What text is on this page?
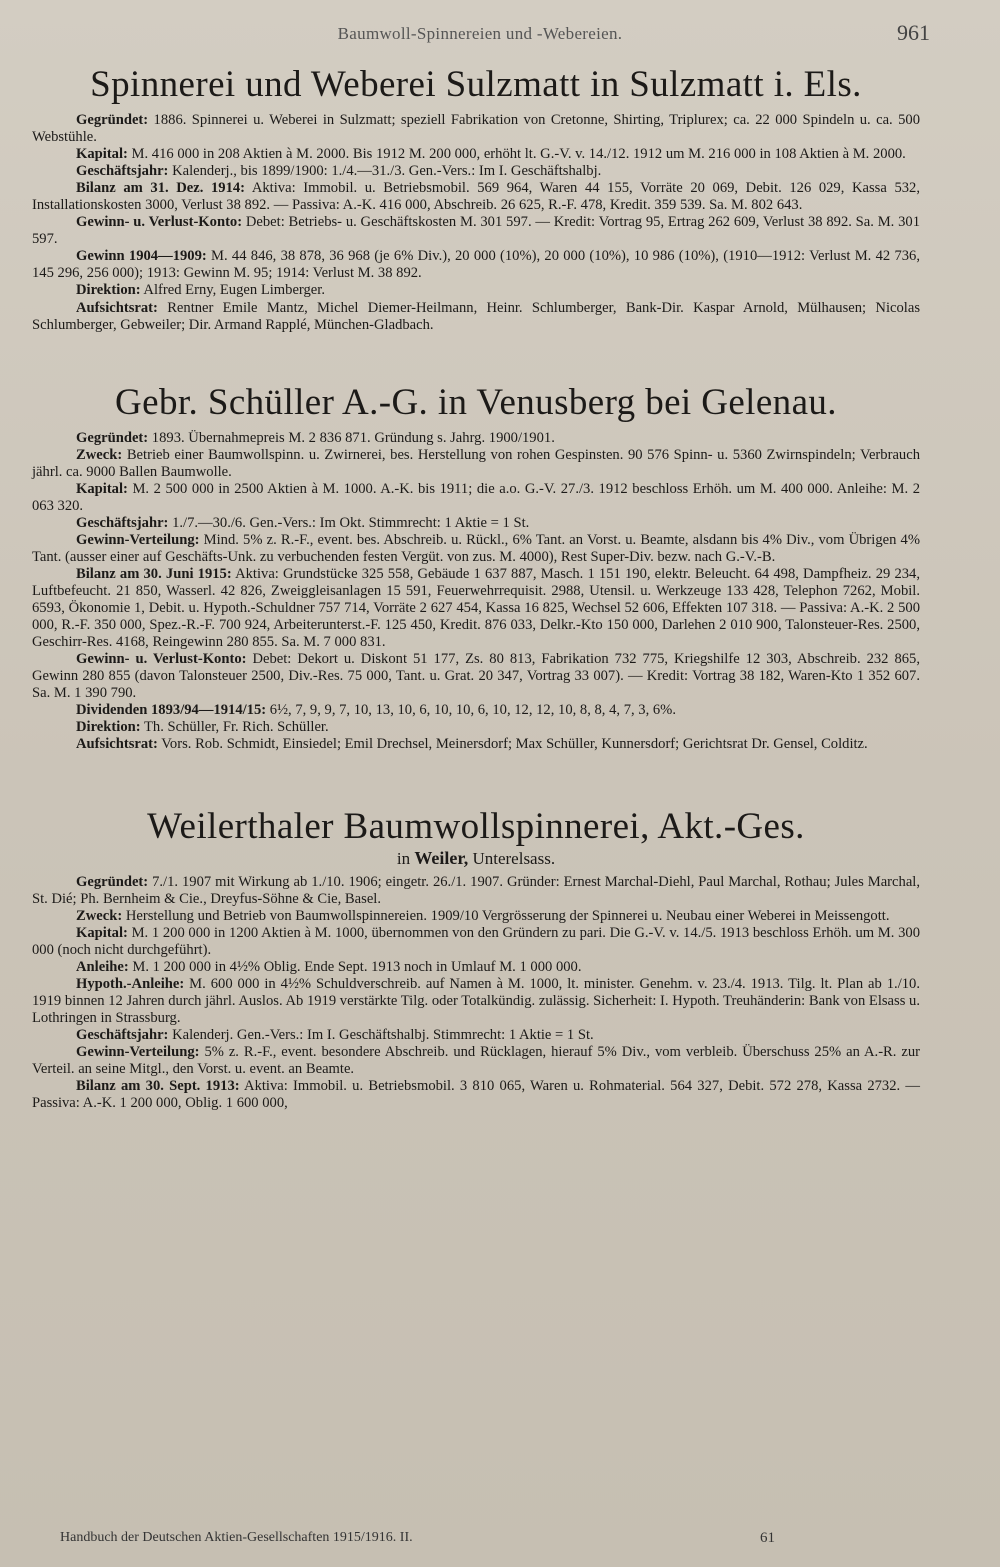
Baumwoll-Spinnereien und -Webereien.	961
Spinnerei und Weberei Sulzmatt in Sulzmatt i. Els.

Gegründet: 1886. Spinnerei u. Weberei in Sulzmatt; speziell Fabrikation von Cretonne, Shirting, Triplurex; ca. 22 000 Spindeln u. ca. 500 Webstühle.

Kapital: M. 416 000 in 208 Aktien à M. 2000. Bis 1912 M. 200 000, erhöht lt. G.-V. v. 14./12. 1912 um M. 216 000 in 108 Aktien à M. 2000.

Geschäftsjahr: Kalenderj., bis 1899/1900: 1./4.—31./3. Gen.-Vers.: Im I. Geschäftshalbj.

Bilanz am 31. Dez. 1914: Aktiva: Immobil. u. Betriebsmobil. 569 964, Waren 44 155, Vorräte 20 069, Debit. 126 029, Kassa 532, Installationskosten 3000, Verlust 38 892. — Passiva: A.-K. 416 000, Abschreib. 26 625, R.-F. 478, Kredit. 359 539. Sa. M. 802 643.

Gewinn- u. Verlust-Konto: Debet: Betriebs- u. Geschäftskosten M. 301 597. — Kredit: Vortrag 95, Ertrag 262 609, Verlust 38 892. Sa. M. 301 597.

Gewinn 1904—1909: M. 44 846, 38 878, 36 968 (je 6% Div.), 20 000 (10%), 20 000 (10%), 10 986 (10%), (1910—1912: Verlust M. 42 736, 145 296, 256 000); 1913: Gewinn M. 95; 1914: Verlust M. 38 892.

Direktion: Alfred Erny, Eugen Limberger.

Aufsichtsrat: Rentner Emile Mantz, Michel Diemer-Heilmann, Heinr. Schlumberger, Bank-Dir. Kaspar Arnold, Mülhausen; Nicolas Schlumberger, Gebweiler; Dir. Armand Rapplé, München-Gladbach.

Gebr. Schüller A.-G. in Venusberg bei Gelenau.

Gegründet: 1893. Übernahmepreis M. 2 836 871. Gründung s. Jahrg. 1900/1901.

Zweck: Betrieb einer Baumwollspinn. u. Zwirnerei, bes. Herstellung von rohen Gespinsten. 90 576 Spinn- u. 5360 Zwirnspindeln; Verbrauch jährl. ca. 9000 Ballen Baumwolle.

Kapital: M. 2 500 000 in 2500 Aktien à M. 1000. A.-K. bis 1911; die a.o. G.-V. 27./3. 1912 beschloss Erhöh. um M. 400 000. Anleihe: M. 2 063 320.

Geschäftsjahr: 1./7.—30./6. Gen.-Vers.: Im Okt. Stimmrecht: 1 Aktie = 1 St.

Gewinn-Verteilung: Mind. 5% z. R.-F., event. bes. Abschreib. u. Rückl., 6% Tant. an Vorst. u. Beamte, alsdann bis 4% Div., vom Übrigen 4% Tant. (ausser einer auf Geschäfts-Unk. zu verbuchenden festen Vergüt. von zus. M. 4000), Rest Super-Div. bezw. nach G.-V.-B.

Bilanz am 30. Juni 1915: Aktiva: Grundstücke 325 558, Gebäude 1 637 887, Masch. 1 151 190, elektr. Beleucht. 64 498, Dampfheiz. 29 234, Luftbefeucht. 21 850, Wasserl. 42 826, Zweiggleisanlagen 15 591, Feuerwehrrequisit. 2988, Utensil. u. Werkzeuge 133 428, Telephon 7262, Mobil. 6593, Ökonomie 1, Debit. u. Hypoth.-Schuldner 757 714, Vorräte 2 627 454, Kassa 16 825, Wechsel 52 606, Effekten 107 318. — Passiva: A.-K. 2 500 000, R.-F. 350 000, Spez.-R.-F. 700 924, Arbeiterunterst.-F. 125 450, Kredit. 876 033, Delkr.-Kto 150 000, Darlehen 2 010 900, Talonsteuer-Res. 2500, Geschirr-Res. 4168, Reingewinn 280 855. Sa. M. 7 000 831.

Gewinn- u. Verlust-Konto: Debet: Dekort u. Diskont 51 177, Zs. 80 813, Fabrikation 732 775, Kriegshilfe 12 303, Abschreib. 232 865, Gewinn 280 855 (davon Talonsteuer 2500, Div.-Res. 75 000, Tant. u. Grat. 20 347, Vortrag 33 007). — Kredit: Vortrag 38 182, Waren-Kto 1 352 607. Sa. M. 1 390 790.

Dividenden 1893/94—1914/15: 6½, 7, 9, 9, 7, 10, 13, 10, 6, 10, 10, 6, 10, 12, 12, 10, 8, 8, 4, 7, 3, 6%.

Direktion: Th. Schüller, Fr. Rich. Schüller.

Aufsichtsrat: Vors. Rob. Schmidt, Einsiedel; Emil Drechsel, Meinersdorf; Max Schüller, Kunnersdorf; Gerichtsrat Dr. Gensel, Colditz.

Weilerthaler Baumwollspinnerei, Akt.-Ges.
in Weiler, Unterelsass.

Gegründet: 7./1. 1907 mit Wirkung ab 1./10. 1906; eingetr. 26./1. 1907. Gründer: Ernest Marchal-Diehl, Paul Marchal, Rothau; Jules Marchal, St. Dié; Ph. Bernheim & Cie., Dreyfus-Söhne & Cie, Basel.

Zweck: Herstellung und Betrieb von Baumwollspinnereien. 1909/10 Vergrösserung der Spinnerei u. Neubau einer Weberei in Meissengott.

Kapital: M. 1 200 000 in 1200 Aktien à M. 1000, übernommen von den Gründern zu pari. Die G.-V. v. 14./5. 1913 beschloss Erhöh. um M. 300 000 (noch nicht durchgeführt).

Anleihe: M. 1 200 000 in 4½% Oblig. Ende Sept. 1913 noch in Umlauf M. 1 000 000.

Hypoth.-Anleihe: M. 600 000 in 4½% Schuldverschreib. auf Namen à M. 1000, lt. minister. Genehm. v. 23./4. 1913. Tilg. lt. Plan ab 1./10. 1919 binnen 12 Jahren durch jährl. Auslos. Ab 1919 verstärkte Tilg. oder Totalkündig. zulässig. Sicherheit: I. Hypoth. Treuhänderin: Bank von Elsass u. Lothringen in Strassburg.

Geschäftsjahr: Kalenderj. Gen.-Vers.: Im I. Geschäftshalbj. Stimmrecht: 1 Aktie = 1 St.

Gewinn-Verteilung: 5% z. R.-F., event. besondere Abschreib. und Rücklagen, hierauf 5% Div., vom verbleib. Überschuss 25% an A.-R. zur Verteil. an seine Mitgl., den Vorst. u. event. an Beamte.

Bilanz am 30. Sept. 1913: Aktiva: Immobil. u. Betriebsmobil. 3 810 065, Waren u. Rohmaterial. 564 327, Debit. 572 278, Kassa 2732. — Passiva: A.-K. 1 200 000, Oblig. 1 600 000,

Handbuch der Deutschen Aktien-Gesellschaften 1915/1916. II.	61
